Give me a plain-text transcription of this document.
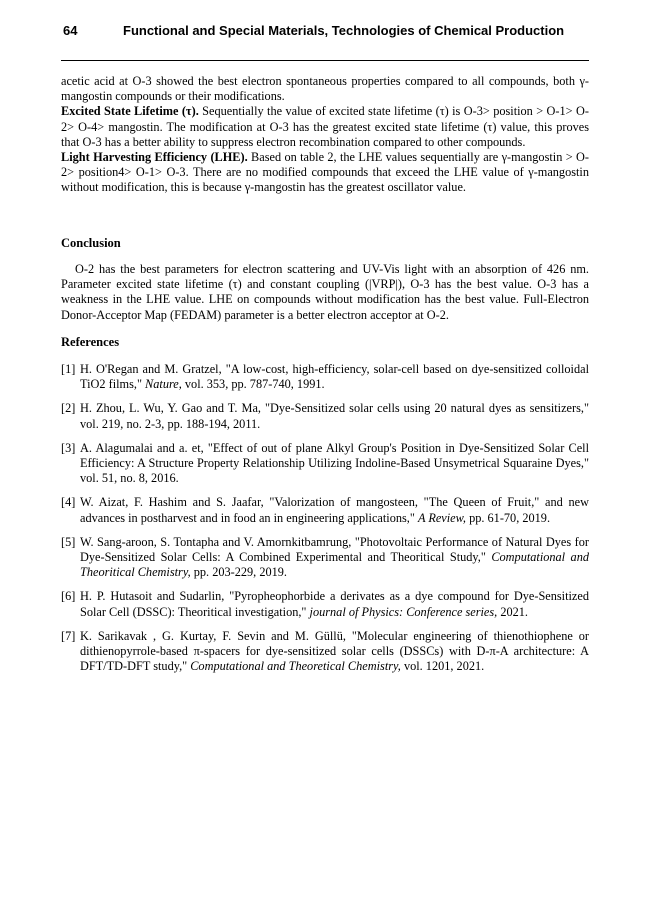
64	Functional and Special Materials, Technologies of Chemical Production

acetic acid at O-3 showed the best electron spontaneous properties compared to all compounds, both γ-mangostin compounds or their modifications.

Excited State Lifetime (τ). Sequentially the value of excited state lifetime (τ) is O-3> position > O-1> O-2> O-4> mangostin. The modification at O-3 has the greatest excited state lifetime (τ) value, this proves that O-3 has a better ability to suppress electron recombination compared to other compounds.

Light Harvesting Efficiency (LHE). Based on table 2, the LHE values sequentially are γ-mangostin > O-2> position4> O-1> O-3. There are no modified compounds that exceed the LHE value of γ-mangostin without modification, this is because γ-mangostin has the greatest oscillator value.

Conclusion

O-2 has the best parameters for electron scattering and UV-Vis light with an absorption of 426 nm. Parameter excited state lifetime (τ) and constant coupling (|VRP|), O-3 has the best value. O-3 has a weakness in the LHE value. LHE on compounds without modification has the best value. Full-Electron Donor-Acceptor Map (FEDAM) parameter is a better electron acceptor at O-2.

References

[1] H. O'Regan and M. Gratzel, "A low-cost, high-efficiency, solar-cell based on dye-sensitized colloidal TiO2 films," Nature, vol. 353, pp. 787-740, 1991.

[2] H. Zhou, L. Wu, Y. Gao and T. Ma, "Dye-Sensitized solar cells using 20 natural dyes as sensitizers," vol. 219, no. 2-3, pp. 188-194, 2011.

[3] A. Alagumalai and a. et, "Effect of out of plane Alkyl Group's Position in Dye-Sensitized Solar Cell Efficiency: A Structure Property Relationship Utilizing Indoline-Based Unsymetrical Squaraine Dyes," vol. 51, no. 8, 2016.

[4] W. Aizat, F. Hashim and S. Jaafar, "Valorization of mangosteen, "The Queen of Fruit," and new advances in postharvest and in food an in engineering applications," A Review, pp. 61-70, 2019.

[5] W. Sang-aroon, S. Tontapha and V. Amornkitbamrung, "Photovoltaic Performance of Natural Dyes for Dye-Sensitized Solar Cells: A Combined Experimental and Theoritical Study," Computational and Theoritical Chemistry, pp. 203-229, 2019.

[6] H. P. Hutasoit and Sudarlin, "Pyropheophorbide a derivates as a dye compound for Dye-Sensitized Solar Cell (DSSC): Theoritical investigation," journal of Physics: Conference series, 2021.

[7] K. Sarikavak , G. Kurtay, F. Sevin and M. Güllü, "Molecular engineering of thienothiophene or dithienopyrrole-based π-spacers for dye-sensitized solar cells (DSSCs) with D-π-A architecture: A DFT/TD-DFT study," Computational and Theoretical Chemistry, vol. 1201, 2021.
